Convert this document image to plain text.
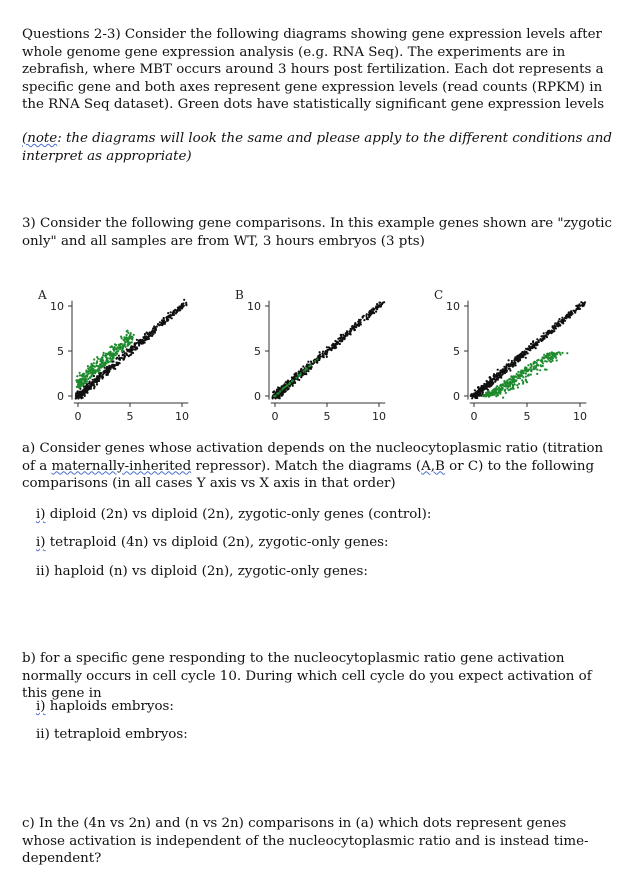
Questions 2-3) Consider the following diagrams showing gene expression levels after whole genome gene expression analysis (e.g. RNA Seq). The experiments are in zebrafish, where MBT occurs around 3 hours post fertilization. Each dot represents a specific gene and both axes represent gene expression levels (read counts (RPKM) in the RNA Seq dataset). Green dots have statistically significant gene expression levels
(note: the diagrams will look the same and please apply to the different conditions and interpret as appropriate)
3) Consider the following gene comparisons. In this example genes shown are "zygotic only" and all samples are from WT, 3 hours embryos (3 pts)
0
0
5
5
10
10
A
0
0
5
5
10
10
B
0
0
5
5
10
10
C
a) Consider genes whose activation depends on the nucleocytoplasmic ratio (titration of a maternally-inherited repressor). Match the diagrams (A,B or C) to the following comparisons (in all cases Y axis vs X axis in that order)
i) diploid (2n) vs diploid (2n), zygotic-only genes (control):
i) tetraploid (4n) vs diploid (2n), zygotic-only genes:
ii) haploid (n) vs diploid (2n), zygotic-only genes:
b) for a specific gene responding to the nucleocytoplasmic ratio gene activation normally occurs in cell cycle 10. During which cell cycle do you expect activation of this gene in
i) haploids embryos:
ii) tetraploid embryos:
c) In the (4n vs 2n) and (n vs 2n) comparisons in (a) which dots represent genes whose activation is independent of the nucleocytoplasmic ratio and is instead time-dependent?
